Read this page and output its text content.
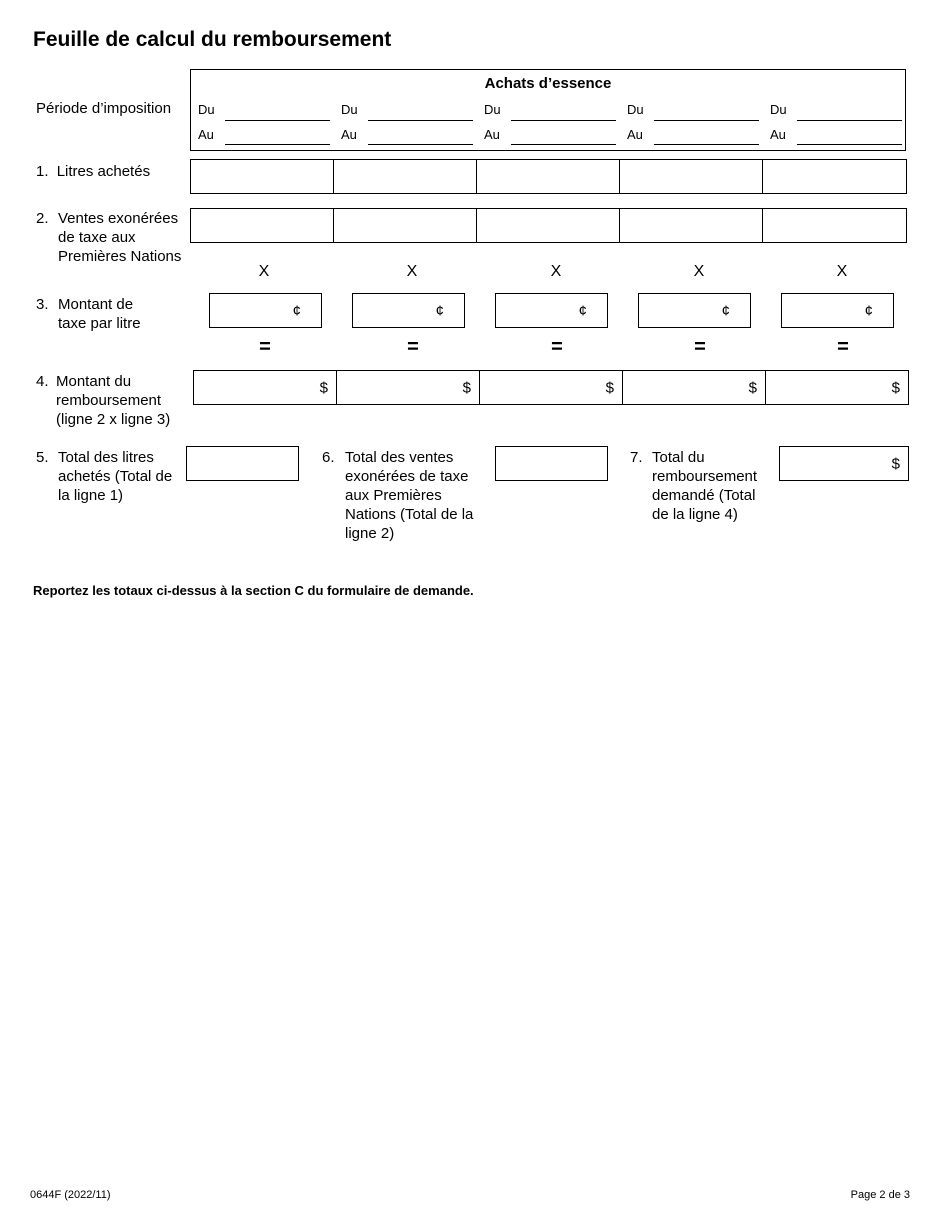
Feuille de calcul du remboursement
Achats d’essence
Période d’imposition Du
Au
Du
Au
Du
Au
Du
Au
Du
Au
1. Litres achetés
2. Ventes exonérées
de taxe aux
Premières Nations
X	X	X	X	X
3. Montant de
taxe par litre
¢	¢	¢	¢	¢
=	=	=	=	=
4. Montant du
remboursement
(ligne 2 x ligne 3)
$	$	$	$	$
5. Total des litres
achetés (Total de
la ligne 1)
6. Total des ventes
exonérées de taxe
aux Premières
Nations (Total de la
ligne 2)
7. Total du
remboursement
demandé (Total
de la ligne 4)
$
Reportez les totaux ci-dessus à la section C du formulaire de demande.
0644F (2022/11)	Page 2 de 3
